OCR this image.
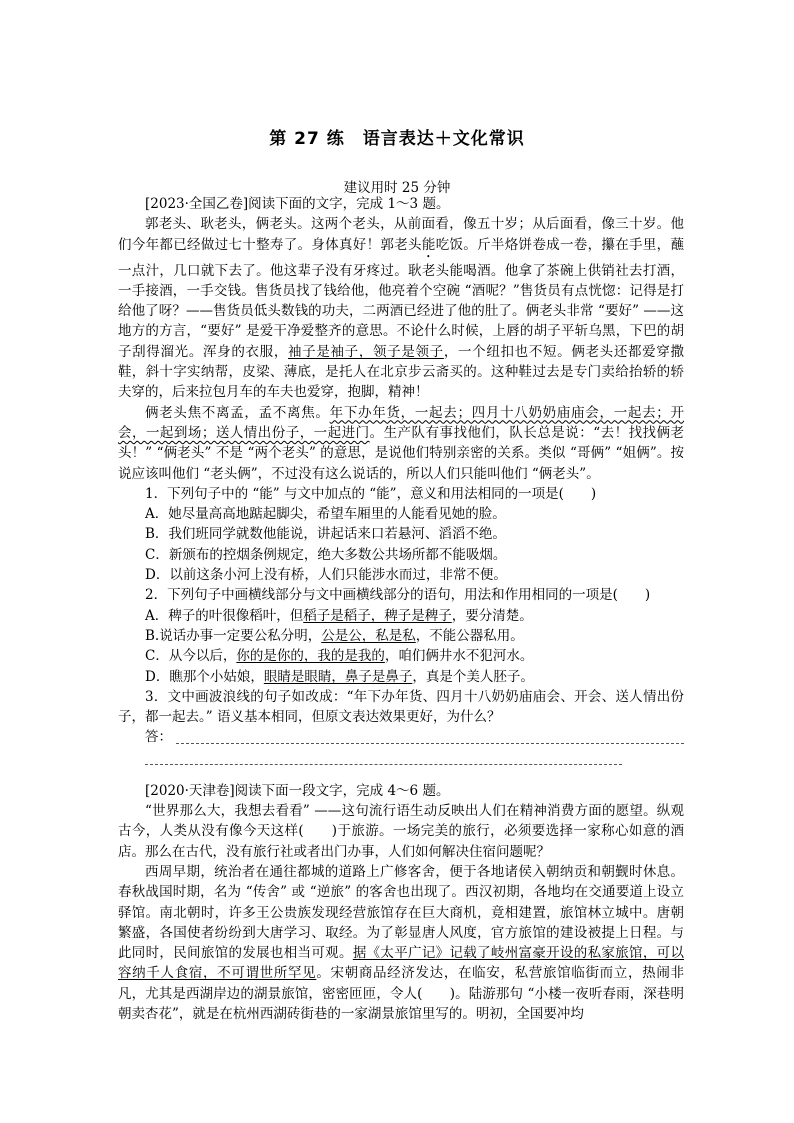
第 27 练　语言表达＋文化常识
建议用时 25 分钟

[2023·全国乙卷]阅读下面的文字，完成 1～3 题。

郭老头、耿老头，俩老头。这两个老头，从前面看，像五十岁；从后面看，像三十岁。他们今年都已经做过七十整寿了。身体真好！郭老头能吃饭。斤半烙饼卷成一卷，攥在手里，蘸一点汁，几口就下去了。他这辈子没有牙疼过。耿老头能喝酒。他拿了茶碗上供销社去打酒，一手接酒，一手交钱。售货员找了钱给他，他亮着个空碗 “酒呢？”售货员有点恍惚：记得是打给他了呀？——售货员低头数钱的功夫，二两酒已经进了他的肚了。俩老头非常 “要好” ——这地方的方言，“要好” 是爱干净爱整齐的意思。不论什么时候，上唇的胡子平斩乌黑，下巴的胡子刮得溜光。浑身的衣服，袖子是袖子，领子是领子，一个纽扣也不短。俩老头还都爱穿撒鞋，斜十字实纳帮，皮梁、薄底，是托人在北京步云斋买的。这种鞋过去是专门卖给抬轿的轿夫穿的，后来拉包月车的车夫也爱穿，抱脚，精神！

俩老头焦不离孟，孟不离焦。年下办年货，一起去；四月十八奶奶庙庙会，一起去；开会，一起到场；送人情出份子，一起进门。生产队有事找他们，队长总是说：“去！找找俩老头！” “俩老头” 不是 “两个老头” 的意思，是说他们特别亲密的关系。类似 “哥俩” “姐俩”。按说应该叫他们 “老头俩”，不过没有这么说话的，所以人们只能叫他们 “俩老头”。

1．下列句子中的 “能” 与文中加点的 “能”，意义和用法相同的一项是(　　)

A．她尽量高高地踮起脚尖，希望车厢里的人能看见她的脸。

B．我们班同学就数他能说，讲起话来口若悬河、滔滔不绝。

C．新颁布的控烟条例规定，绝大多数公共场所都不能吸烟。

D．以前这条小河上没有桥，人们只能涉水而过，非常不便。

2．下列句子中画横线部分与文中画横线部分的语句，用法和作用相同的一项是(　　)

A．稗子的叶很像稻叶，但稻子是稻子，稗子是稗子，要分清楚。

B.说话办事一定要公私分明，公是公，私是私，不能公器私用。

C．从今以后，你的是你的，我的是我的，咱们俩井水不犯河水。

D．瞧那个小姑娘，眼睛是眼睛，鼻子是鼻子，真是个美人胚子。

3．文中画波浪线的句子如改成：“年下办年货、四月十八奶奶庙庙会、开会、送人情出份子，都一起去。” 语义基本相同，但原文表达效果更好，为什么？

答：

[2020·天津卷]阅读下面一段文字，完成 4～6 题。

“世界那么大，我想去看看” ——这句流行语生动反映出人们在精神消费方面的愿望。纵观古今，人类从没有像今天这样(　　)于旅游。一场完美的旅行，必须要选择一家称心如意的酒店。那么在古代，没有旅行社或者出门办事，人们如何解决住宿问题呢？

西周早期，统治者在通往都城的道路上广修客舍，便于各地诸侯入朝纳贡和朝觐时休息。春秋战国时期，名为 “传舍” 或 “逆旅” 的客舍也出现了。西汉初期，各地均在交通要道上设立驿馆。南北朝时，许多王公贵族发现经营旅馆存在巨大商机，竟相建置，旅馆林立城中。唐朝繁盛，各国使者纷纷到大唐学习、取经。为了彰显唐人风度，官方旅馆的建设被提上日程。与此同时，民间旅馆的发展也相当可观。据《太平广记》记载了岐州富豪开设的私家旅馆，可以容纳千人食宿，不可谓世所罕见。宋朝商品经济发达，在临安，私营旅馆临街而立，热闹非凡，尤其是西湖岸边的湖景旅馆，密密匝匝，令人(　　)。陆游那句 “小楼一夜听春雨，深巷明朝卖杏花”，就是在杭州西湖砖街巷的一家湖景旅馆里写的。明初，全国要冲均
